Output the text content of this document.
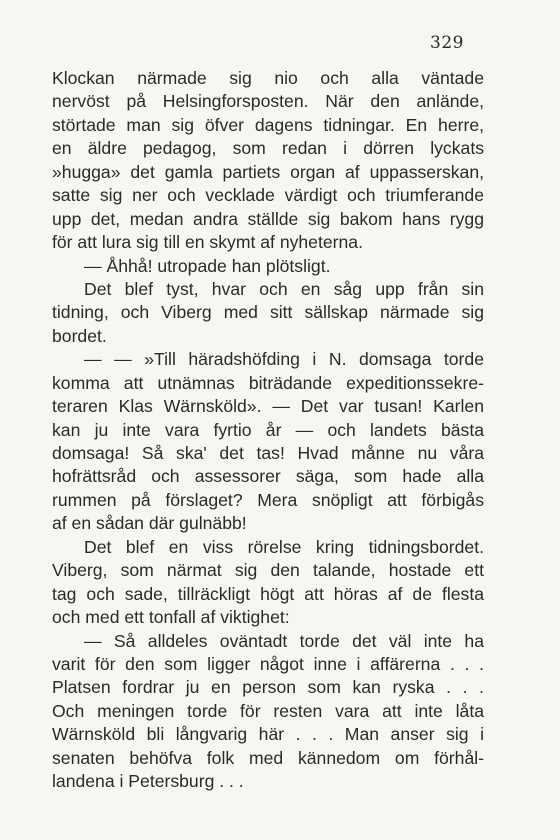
329
Klockan närmade sig nio och alla väntade
nervöst på Helsingforsposten. När den anlände,
störtade man sig öfver dagens tidningar. En herre,
en äldre pedagog, som redan i dörren lyckats
»hugga» det gamla partiets organ af uppasserskan,
satte sig ner och vecklade värdigt och triumferande
upp det, medan andra ställde sig bakom hans rygg
för att lura sig till en skymt af nyheterna.
— Åhhå! utropade han plötsligt.
Det blef tyst, hvar och en såg upp från sin
tidning, och Viberg med sitt sällskap närmade sig
bordet.
— — »Till häradshöfding i N. domsaga torde
komma att utnämnas biträdande expeditionssekre-
teraren Klas Wärnsköld». — Det var tusan! Karlen
kan ju inte vara fyrtio år — och landets bästa
domsaga! Så ska' det tas! Hvad månne nu våra
hofrättsråd och assessorer säga, som hade alla
rummen på förslaget? Mera snöpligt att förbigås
af en sådan där gulnäbb!
Det blef en viss rörelse kring tidningsbordet.
Viberg, som närmat sig den talande, hostade ett
tag och sade, tillräckligt högt att höras af de flesta
och med ett tonfall af viktighet:
— Så alldeles oväntadt torde det väl inte ha
varit för den som ligger något inne i affärerna . . .
Platsen fordrar ju en person som kan ryska . . .
Och meningen torde för resten vara att inte låta
Wärnsköld bli långvarig här . . . Man anser sig i
senaten behöfva folk med kännedom om förhål-
landena i Petersburg . . .
